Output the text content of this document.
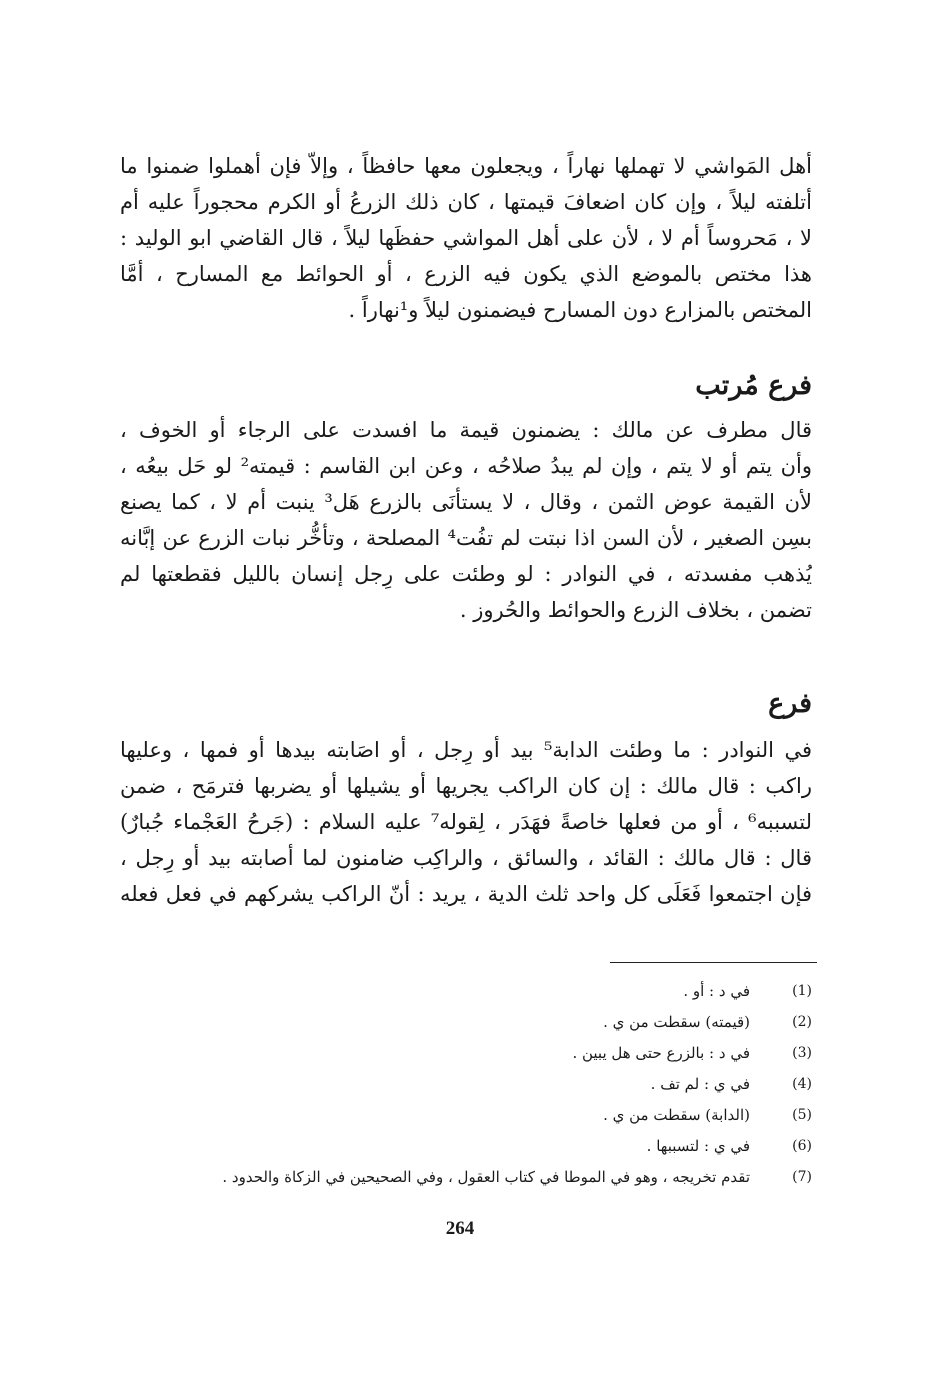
أهل المَواشي لا تهملها نهاراً ، ويجعلون معها حافظاً ، وإلاّ فإن أهملوا ضمنوا ما
أتلفته ليلاً ، وإن كان اضعافَ قيمتها ، كان ذلك الزرعُ أو الكرم محجوراً عليه أم
لا ، مَحروساً أم لا ، لأن على أهل المواشي حفظَها ليلاً ، قال القاضي ابو الوليد :
هذا مختص بالموضع الذي يكون فيه الزرع ، أو الحوائط مع المسارح ، أمَّا
المختص بالمزارع دون المسارح فيضمنون ليلاً و¹نهاراً .
فرع مُرتب
قال مطرف عن مالك : يضمنون قيمة ما افسدت على الرجاء أو الخوف ،
وأن يتم أو لا يتم ، وإن لم يبدُ صلاحُه ، وعن ابن القاسم : قيمته² لو حَل بيعُه ،
لأن القيمة عوض الثمن ، وقال ، لا يستأنَى بالزرع هَل³ ينبت أم لا ، كما يصنع
بسِن الصغير ، لأن السن اذا نبتت لم تفُت⁴ المصلحة ، وتأخُّر نبات الزرع عن إبَّانه
يُذهب مفسدته ، في النوادر : لو وطئت على رِجل إنسان بالليل فقطعتها لم
تضمن ، بخلاف الزرع والحوائط والحُروز .
فرع
في النوادر : ما وطئت الدابة⁵ بيد أو رِجل ، أو اصَابته بيدها أو فمها ، وعليها
راكب : قال مالك : إن كان الراكب يجريها أو يشيلها أو يضربها فترمَح ، ضمن
لتسببه⁶ ، أو من فعلها خاصةً فهَدَر ، لِقوله⁷ عليه السلام : (جَرحُ العَجْماء جُبارٌ)
قال : قال مالك : القائد ، والسائق ، والراكِب ضامنون لما أصابته بيد أو رِجل ،
فإن اجتمعوا فَعَلَى كل واحد ثلث الدية ، يريد : أنّ الراكب يشركهم في فعل فعله
(1)
في د : أو .
(2)
(قيمته) سقطت من ي .
(3)
في د : بالزرع حتى هل يبين .
(4)
في ي : لم تف .
(5)
(الدابة) سقطت من ي .
(6)
في ي : لتسببها .
(7)
تقدم تخريجه ، وهو في الموطا في كتاب العقول ، وفي الصحيحين في الزكاة والحدود .
264
